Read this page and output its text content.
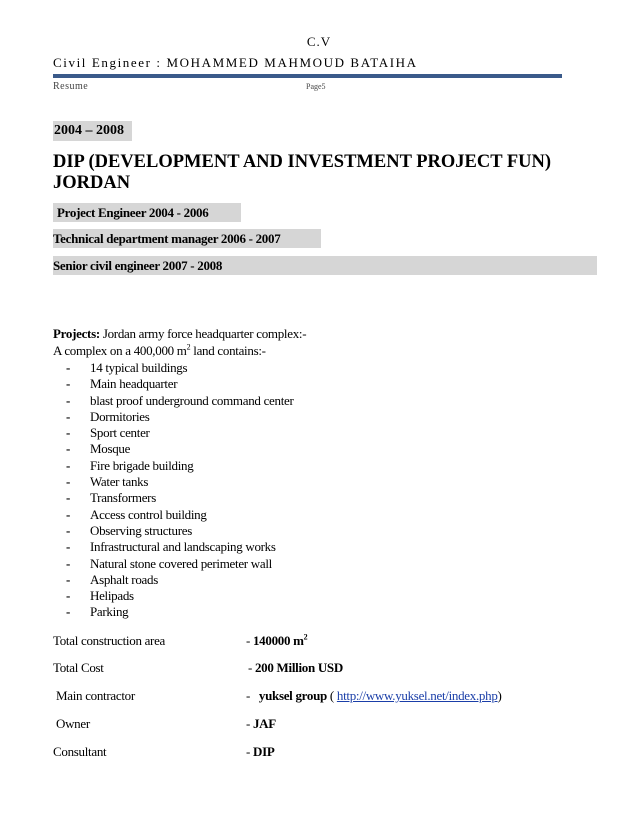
C.V
Civil Engineer : MOHAMMED MAHMOUD BATAIHA
Resume	Page5
2004 – 2008
DIP (DEVELOPMENT AND INVESTMENT PROJECT FUN)
JORDAN
Project Engineer 2004 - 2006
Technical department manager 2006 - 2007
Senior civil engineer 2007 - 2008
Projects: Jordan army force headquarter complex:-
A complex on a 400,000 $m^2$ land contains:-
- 14 typical buildings
- Main headquarter
- blast proof underground command center
- Dormitories
- Sport center
- Mosque
- Fire brigade building
- Water tanks
- Transformers
- Access control building
- Observing structures
- Infrastructural and landscaping works
- Natural stone covered perimeter wall
- Asphalt roads
- Helipads
- Parking
Total construction area	- 140000 $m^2$
Total Cost	- 200 Million USD
Main contractor	-   yuksel group ( http://www.yuksel.net/index.php)
Owner	- JAF
Consultant	- DIP
